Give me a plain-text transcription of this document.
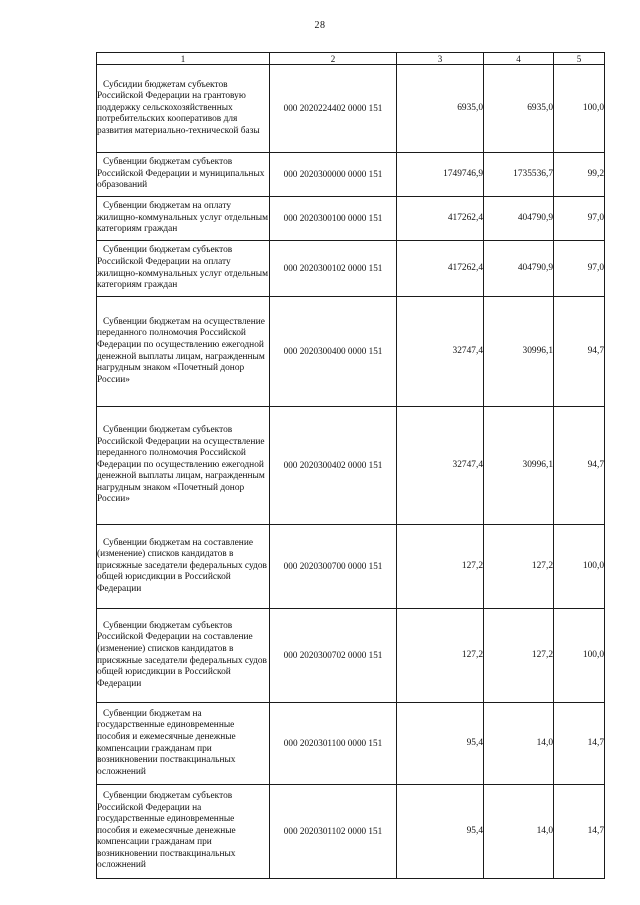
28
1	2	3	4	5
Субсидии бюджетам субъектов Российской Федерации на грантовую поддержку сельскохозяйственных потребительских кооперативов для развития материально-технической базы	000 2020224402 0000 151	6935,0	6935,0	100,0
Субвенции бюджетам субъектов Российской Федерации и муниципальных образований	000 2020300000 0000 151	1749746,9	1735536,7	99,2
Субвенции бюджетам на оплату жилищно-коммунальных услуг отдельным категориям граждан	000 2020300100 0000 151	417262,4	404790,9	97,0
Субвенции бюджетам субъектов Российской Федерации на оплату жилищно-коммунальных услуг отдельным категориям граждан	000 2020300102 0000 151	417262,4	404790,9	97,0
Субвенции бюджетам на осуществление переданного полномочия Российской Федерации по осуществлению ежегодной денежной выплаты лицам, награжденным нагрудным знаком «Почетный донор России»	000 2020300400 0000 151	32747,4	30996,1	94,7
Субвенции бюджетам субъектов Российской Федерации на осуществление переданного полномочия Российской Федерации по осуществлению ежегодной денежной выплаты лицам, награжденным нагрудным знаком «Почетный донор России»	000 2020300402 0000 151	32747,4	30996,1	94,7
Субвенции бюджетам на составление (изменение) списков кандидатов в присяжные заседатели федеральных судов общей юрисдикции в Российской Федерации	000 2020300700 0000 151	127,2	127,2	100,0
Субвенции бюджетам субъектов Российской Федерации на составление (изменение) списков кандидатов в присяжные заседатели федеральных судов общей юрисдикции в Российской Федерации	000 2020300702 0000 151	127,2	127,2	100,0
Субвенции бюджетам на государственные единовременные пособия и ежемесячные денежные компенсации гражданам при возникновении поствакцинальных осложнений	000 2020301100 0000 151	95,4	14,0	14,7
Субвенции бюджетам субъектов Российской Федерации на государственные единовременные пособия и ежемесячные денежные компенсации гражданам при возникновении поствакцинальных осложнений	000 2020301102 0000 151	95,4	14,0	14,7
